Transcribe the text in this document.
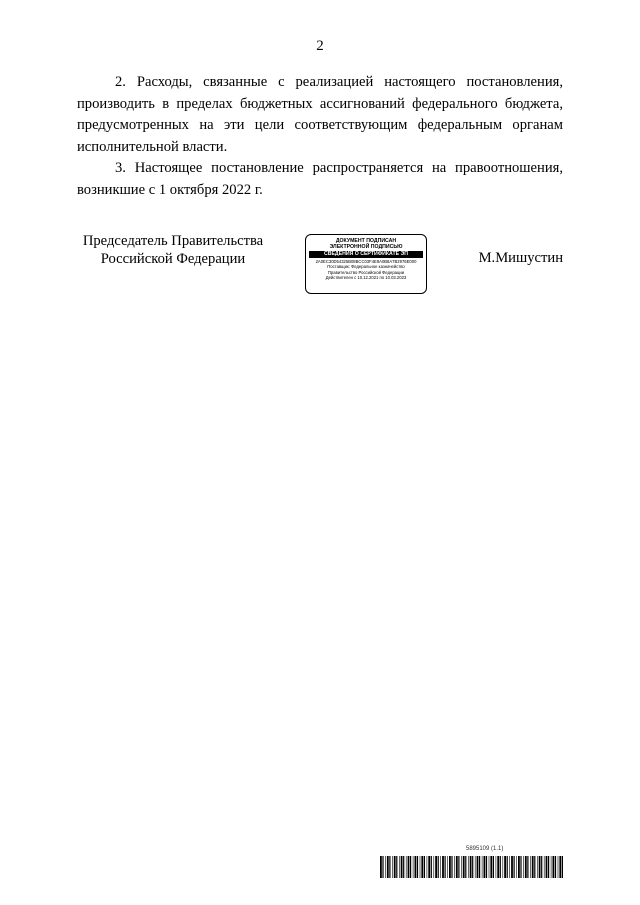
2

2. Расходы, связанные с реализацией настоящего постановления, производить в пределах бюджетных ассигнований федерального бюджета, предусмотренных на эти цели соответствующим федеральным органам исполнительной власти.

3. Настоящее постановление распространяется на правоотношения, возникшие с 1 октября 2022 г.

Председатель Правительства
Российской Федерации
ДОКУМЕНТ ПОДПИСАН
ЭЛЕКТРОННОЙ ПОДПИСЬЮ
СВЕДЕНИЯ О СЕРТИФИКАТЕ ЭП
2A0EC30D54325B08BCC03F4E9A0B8A7B2976E000
Поставщик: Федеральное казначейство
Правительство Российской Федерации
Действителен с 10.12.2021 по 10.03.2023
М.Мишустин
5895109 (1.1)
